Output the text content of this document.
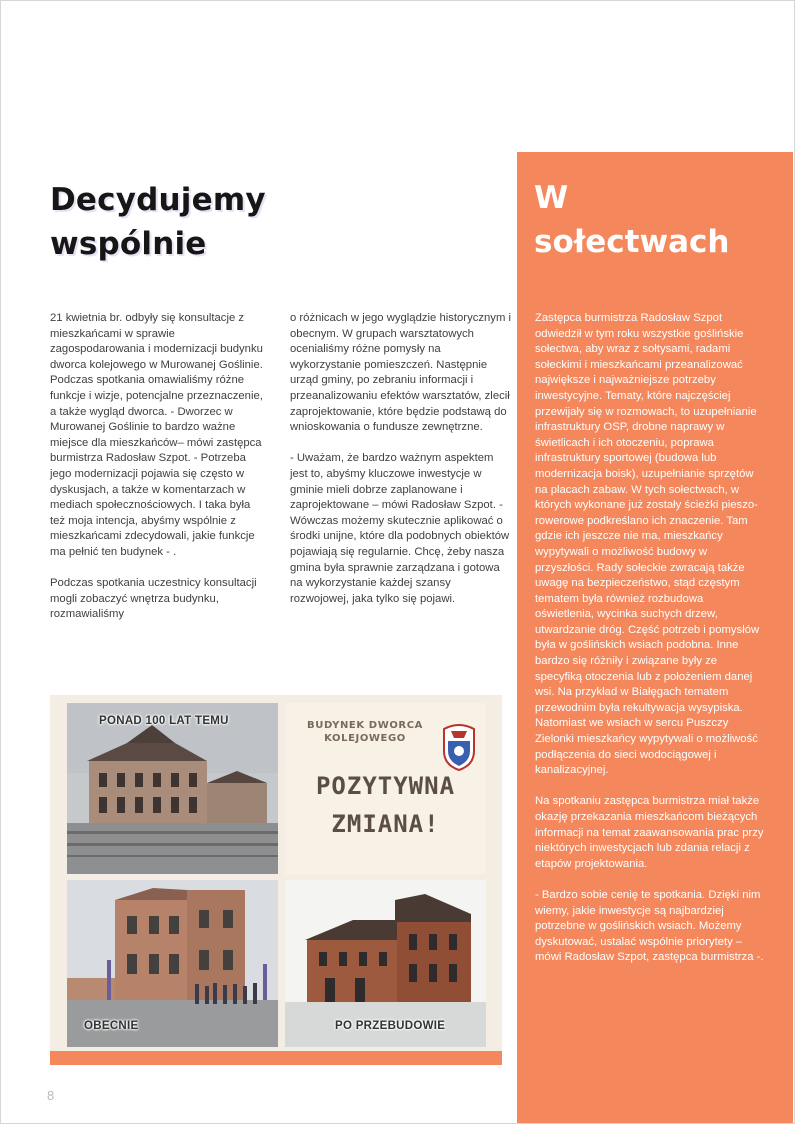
Decydujemy
wspólnie

21 kwietnia br. odbyły się konsultacje z mieszkańcami w sprawie zagospodarowania i modernizacji budynku dworca kolejowego w Murowanej Goślinie. Podczas spotkania omawialiśmy różne funkcje i wizje, potencjalne przeznaczenie, a także wygląd dworca. - Dworzec w Murowanej Goślinie to bardzo ważne miejsce dla mieszkańców– mówi zastępca burmistrza Radosław Szpot. - Potrzeba jego modernizacji pojawia się często w dyskusjach, a także w komentarzach w mediach społecznościowych. I taka była też moja intencja, abyśmy wspólnie z mieszkańcami zdecydowali, jakie funkcje ma pełnić ten budynek - .

Podczas spotkania uczestnicy konsultacji mogli zobaczyć wnętrza budynku, rozmawialiśmy

o różnicach w jego wyglądzie historycznym i obecnym. W grupach warsztatowych ocenialiśmy różne pomysły na wykorzystanie pomieszczeń. Następnie urząd gminy, po zebraniu informacji i przeanalizowaniu efektów warsztatów, zlecił zaprojektowanie, które będzie podstawą do wnioskowania o fundusze zewnętrzne.

- Uważam, że bardzo ważnym aspektem jest to, abyśmy kluczowe inwestycje w gminie mieli dobrze zaplanowane i zaprojektowane – mówi Radosław Szpot. - Wówczas możemy skutecznie aplikować o środki unijne, które dla podobnych obiektów pojawiają się regularnie. Chcę, żeby nasza gmina była sprawnie zarządzana i gotowa na wykorzystanie każdej szansy rozwojowej, jaka tylko się pojawi.

W
sołectwach

Zastępca burmistrza Radosław Szpot odwiedził w tym roku wszystkie goślińskie sołectwa, aby wraz z sołtysami, radami sołeckimi i mieszkańcami przeanalizować największe i najważniejsze potrzeby inwestycyjne. Tematy, które najczęściej przewijały się w rozmowach, to uzupełnianie infrastruktury OSP, drobne naprawy w świetlicach i ich otoczeniu, poprawa infrastruktury sportowej (budowa lub modernizacja boisk), uzupełnianie sprzętów na placach zabaw. W tych sołectwach, w których wykonane już zostały ścieżki pieszo-rowerowe podkreślano ich znaczenie. Tam gdzie ich jeszcze nie ma, mieszkańcy wypytywali o możliwość budowy w przyszłości. Rady sołeckie zwracają także uwagę na bezpieczeństwo, stąd częstym tematem była również rozbudowa oświetlenia, wycinka suchych drzew, utwardzanie dróg. Część potrzeb i pomysłów była w goślińskich wsiach podobna. Inne bardzo się różniły i związane były ze specyfiką otoczenia lub z położeniem danej wsi. Na przykład w Białęgach tematem przewodnim była rekultywacja wysypiska. Natomiast we wsiach w sercu Puszczy Zielonki mieszkańcy wypytywali o możliwość podłączenia do sieci wodociągowej i kanalizacyjnej.

Na spotkaniu zastępca burmistrza miał także okazję przekazania mieszkańcom bieżących informacji na temat zaawansowania prac przy niektórych inwestycjach lub zdania relacji z etapów projektowania.

- Bardzo sobie cenię te spotkania. Dzięki nim wiemy, jakie inwestycje są najbardziej potrzebne w goślińskich wsiach. Możemy dyskutować, ustalać wspólnie priorytety – mówi Radosław Szpot, zastępca burmistrza -.

PONAD 100 LAT TEMU	BUDYNEK DWORCA
KOLEJOWEGO
POZYTYWNA
ZMIANA!
OBECNIE	PO PRZEBUDOWIE

8
